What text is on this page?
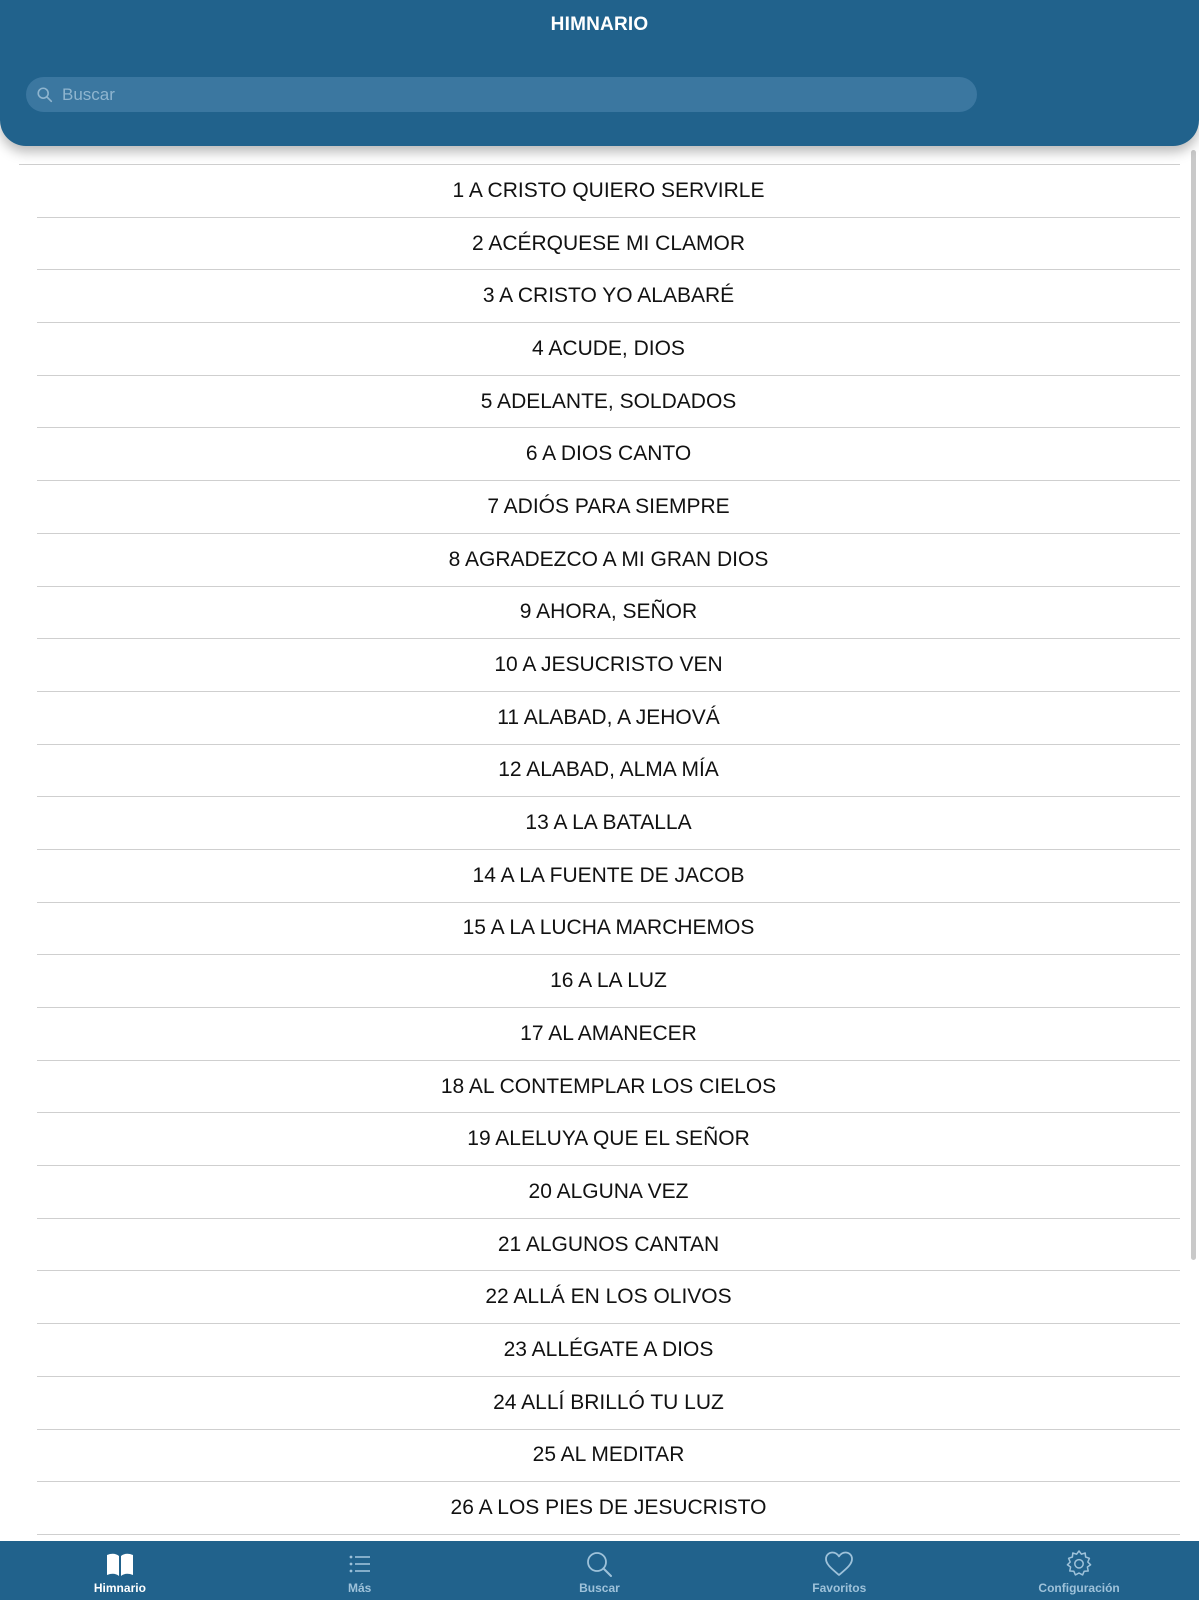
HIMNARIO
Buscar
1 A CRISTO QUIERO SERVIRLE
2 ACÉRQUESE MI CLAMOR
3 A CRISTO YO ALABARÉ
4 ACUDE, DIOS
5 ADELANTE, SOLDADOS
6 A DIOS CANTO
7 ADIÓS PARA SIEMPRE
8 AGRADEZCO A MI GRAN DIOS
9 AHORA, SEÑOR
10 A JESUCRISTO VEN
11 ALABAD, A JEHOVÁ
12 ALABAD, ALMA MÍA
13 A LA BATALLA
14 A LA FUENTE DE JACOB
15 A LA LUCHA MARCHEMOS
16 A LA LUZ
17 AL AMANECER
18 AL CONTEMPLAR LOS CIELOS
19 ALELUYA QUE EL SEÑOR
20 ALGUNA VEZ
21 ALGUNOS CANTAN
22 ALLÁ EN LOS OLIVOS
23 ALLÉGATE A DIOS
24 ALLÍ BRILLÓ TU LUZ
25 AL MEDITAR
26 A LOS PIES DE JESUCRISTO
Himnario	Más	Buscar	Favoritos	Configuración
